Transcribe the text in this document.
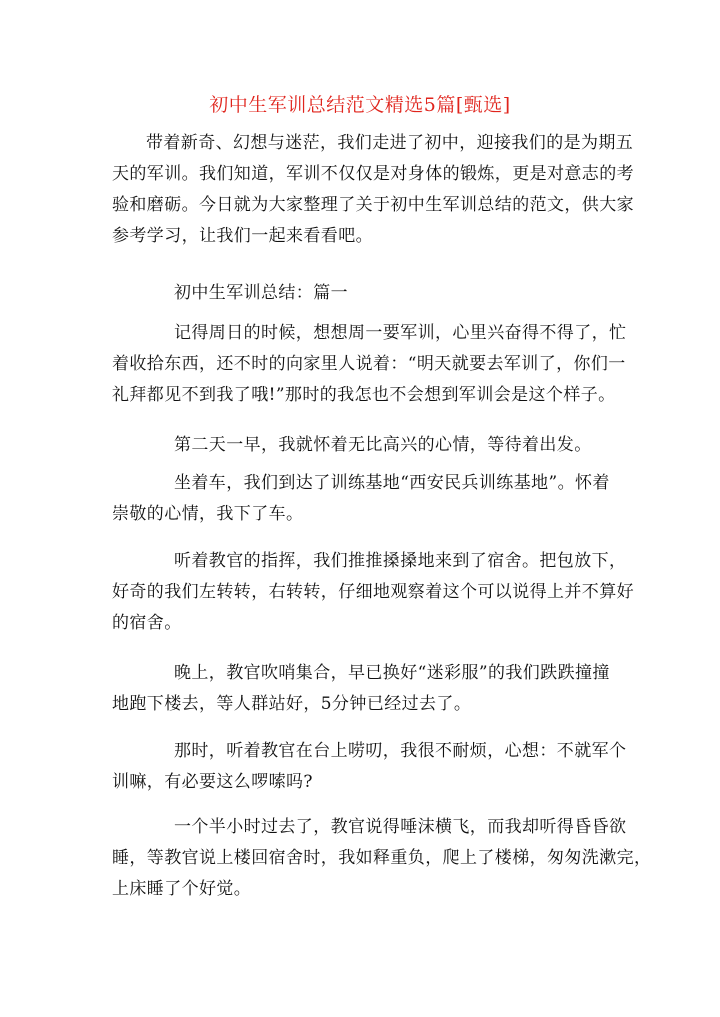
初中生军训总结范文精选5篇[甄选]
带着新奇、幻想与迷茫，我们走进了初中，迎接我们的是为期五
天的军训。我们知道，军训不仅仅是对身体的锻炼，更是对意志的考
验和磨砺。今日就为大家整理了关于初中生军训总结的范文，供大家
参考学习，让我们一起来看看吧。
初中生军训总结：篇一
记得周日的时候，想想周一要军训，心里兴奋得不得了，忙
着收拾东西，还不时的向家里人说着：“明天就要去军训了，你们一
礼拜都见不到我了哦!”那时的我怎也不会想到军训会是这个样子。
第二天一早，我就怀着无比高兴的心情，等待着出发。
坐着车，我们到达了训练基地“西安民兵训练基地”。怀着
崇敬的心情，我下了车。
听着教官的指挥，我们推推搡搡地来到了宿舍。把包放下，
好奇的我们左转转，右转转，仔细地观察着这个可以说得上并不算好
的宿舍。
晚上，教官吹哨集合，早已换好“迷彩服”的我们跌跌撞撞
地跑下楼去，等人群站好，5分钟已经过去了。
那时，听着教官在台上唠叨，我很不耐烦，心想：不就军个
训嘛，有必要这么啰嗦吗?
一个半小时过去了，教官说得唾沫横飞，而我却听得昏昏欲
睡，等教官说上楼回宿舍时，我如释重负，爬上了楼梯，匆匆洗漱完，
上床睡了个好觉。
